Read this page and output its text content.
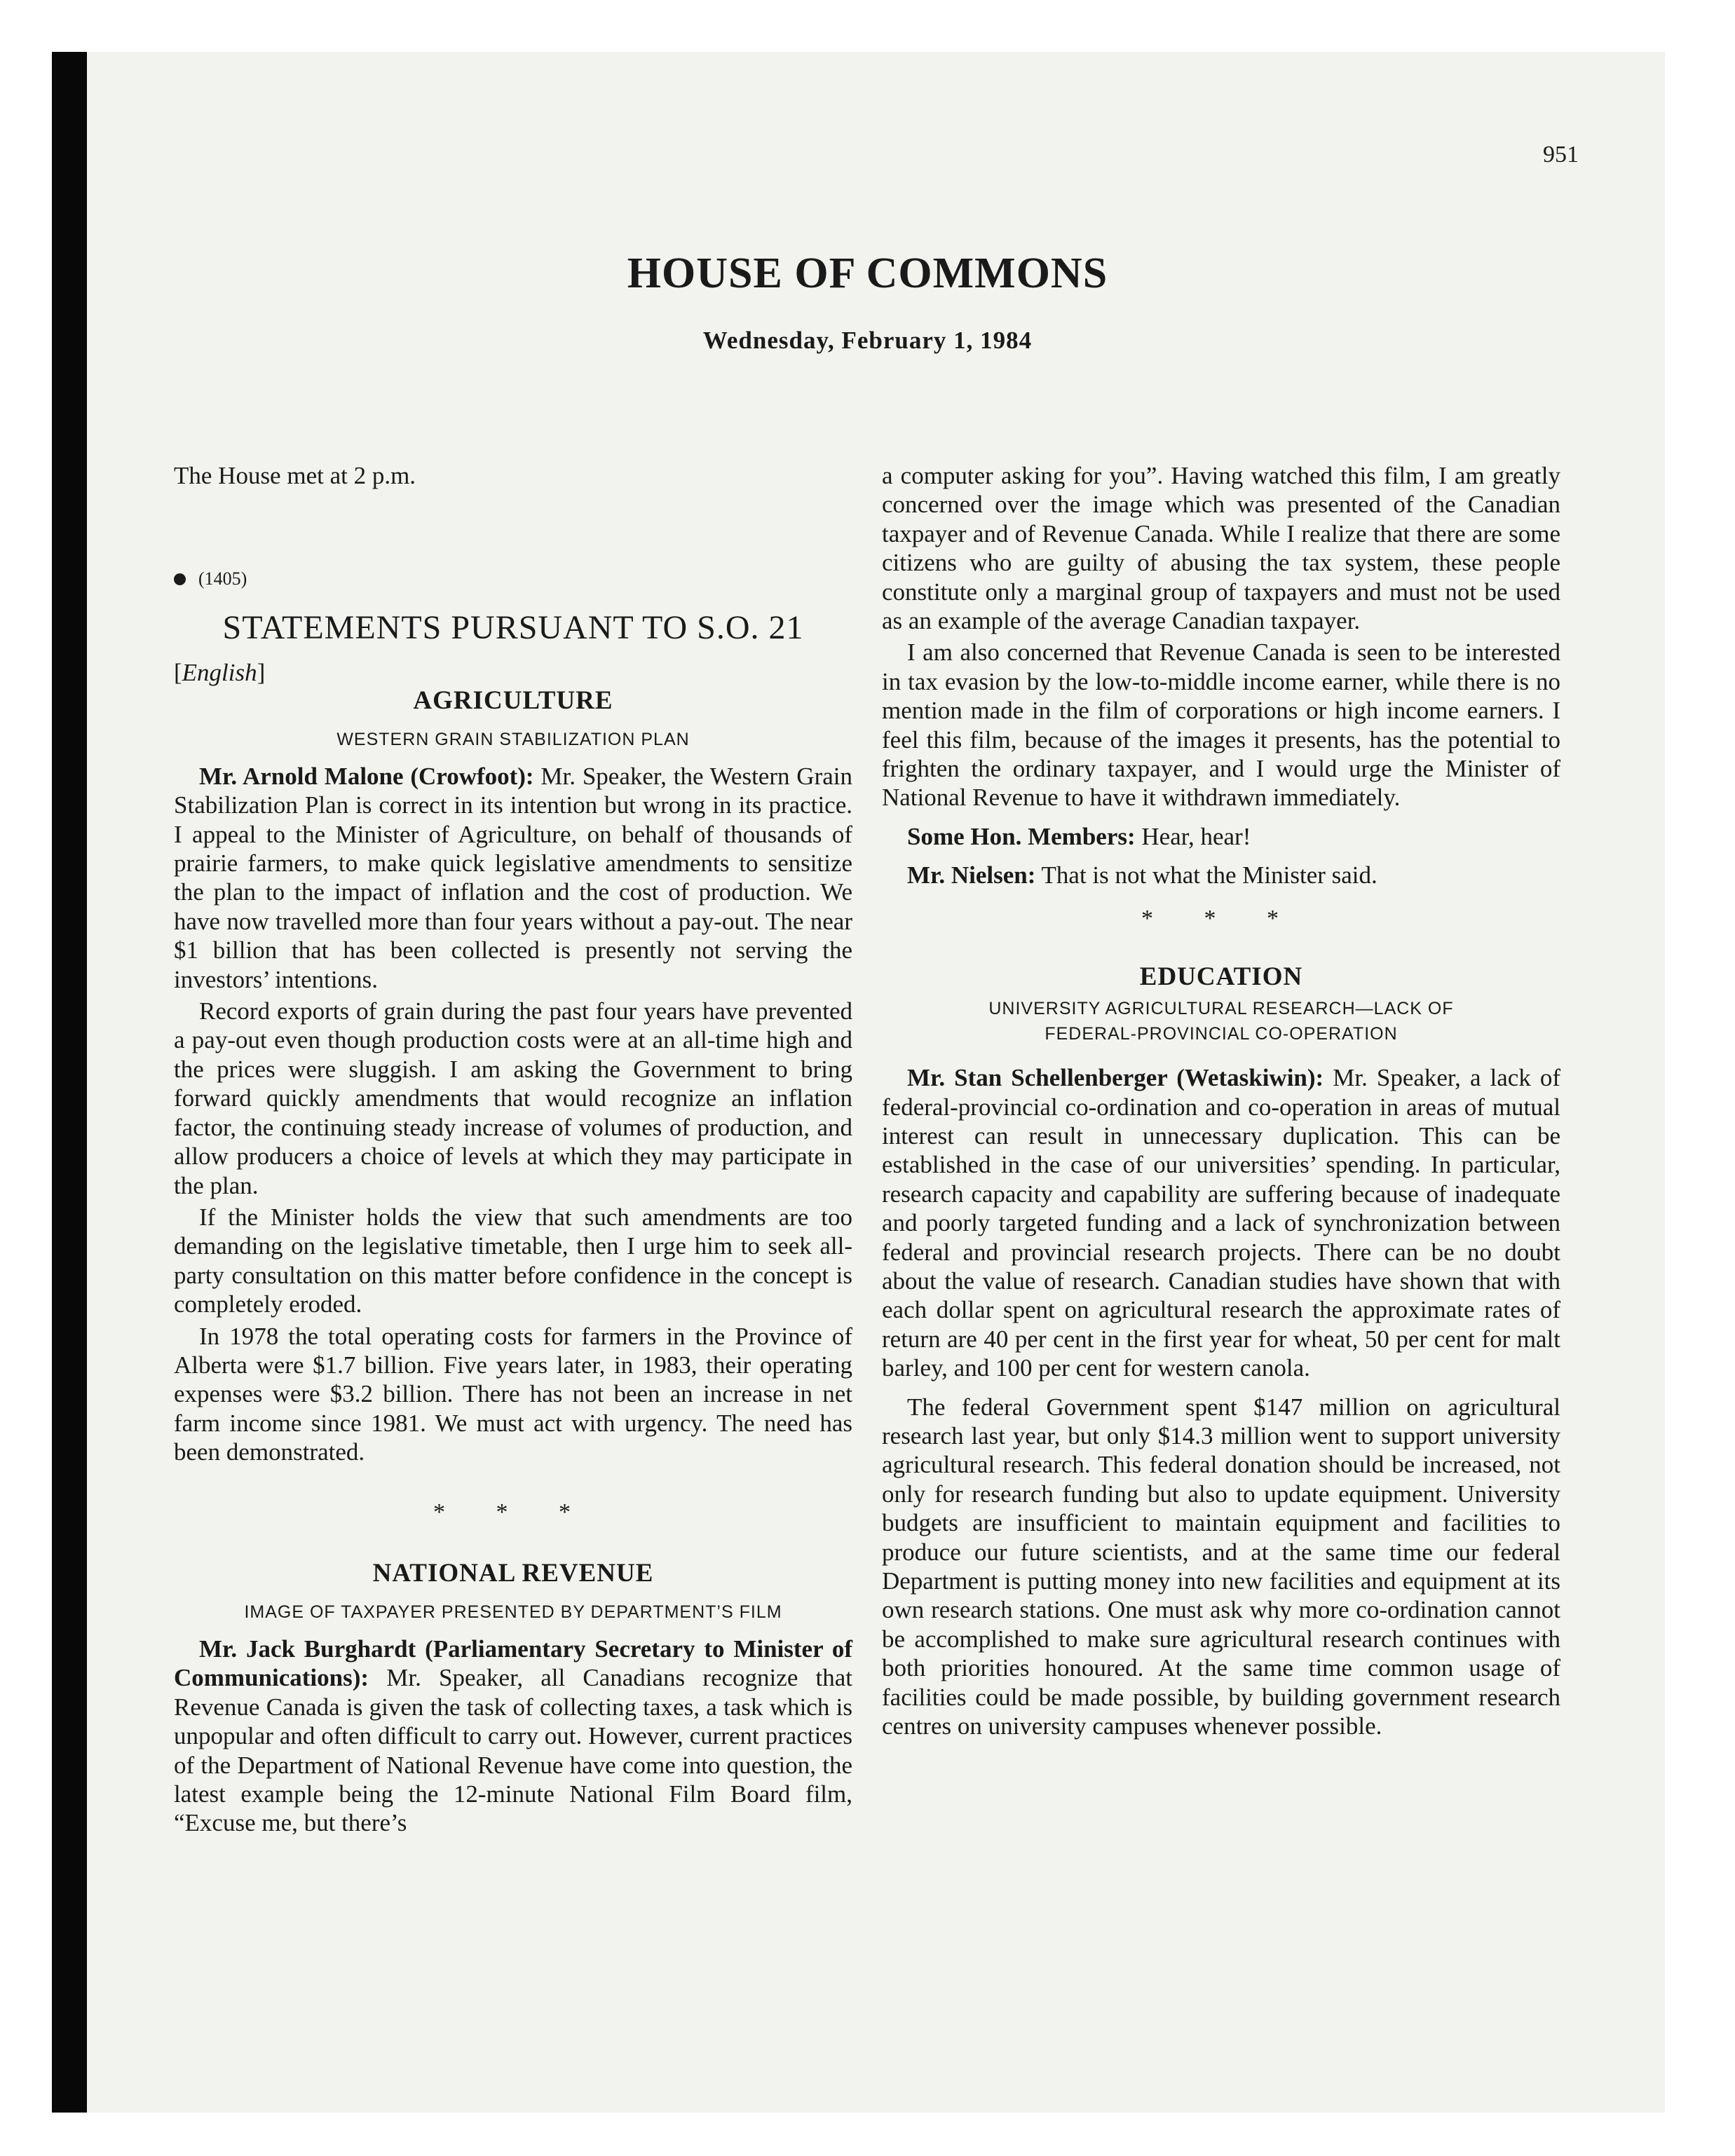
951
HOUSE OF COMMONS
Wednesday, February 1, 1984

The House met at 2 p.m.

(1405)
STATEMENTS PURSUANT TO S.O. 21
[English]
AGRICULTURE
WESTERN GRAIN STABILIZATION PLAN

Mr. Arnold Malone (Crowfoot): Mr. Speaker, the Western Grain Stabilization Plan is correct in its intention but wrong in its practice. I appeal to the Minister of Agriculture, on behalf of thousands of prairie farmers, to make quick legislative amendments to sensitize the plan to the impact of inflation and the cost of production. We have now travelled more than four years without a pay-out. The near $1 billion that has been collected is presently not serving the investors’ intentions.

Record exports of grain during the past four years have prevented a pay-out even though production costs were at an all-time high and the prices were sluggish. I am asking the Government to bring forward quickly amendments that would recognize an inflation factor, the continuing steady increase of volumes of production, and allow producers a choice of levels at which they may participate in the plan.

If the Minister holds the view that such amendments are too demanding on the legislative timetable, then I urge him to seek all-party consultation on this matter before confidence in the concept is completely eroded.

In 1978 the total operating costs for farmers in the Province of Alberta were $1.7 billion. Five years later, in 1983, their operating expenses were $3.2 billion. There has not been an increase in net farm income since 1981. We must act with urgency. The need has been demonstrated.

* * *
NATIONAL REVENUE
IMAGE OF TAXPAYER PRESENTED BY DEPARTMENT’S FILM

Mr. Jack Burghardt (Parliamentary Secretary to Minister of Communications): Mr. Speaker, all Canadians recognize that Revenue Canada is given the task of collecting taxes, a task which is unpopular and often difficult to carry out. However, current practices of the Department of National Revenue have come into question, the latest example being the 12-minute National Film Board film, “Excuse me, but there’s

a computer asking for you”. Having watched this film, I am greatly concerned over the image which was presented of the Canadian taxpayer and of Revenue Canada. While I realize that there are some citizens who are guilty of abusing the tax system, these people constitute only a marginal group of taxpayers and must not be used as an example of the average Canadian taxpayer.

I am also concerned that Revenue Canada is seen to be interested in tax evasion by the low-to-middle income earner, while there is no mention made in the film of corporations or high income earners. I feel this film, because of the images it presents, has the potential to frighten the ordinary taxpayer, and I would urge the Minister of National Revenue to have it withdrawn immediately.

Some Hon. Members: Hear, hear!

Mr. Nielsen: That is not what the Minister said.

* * *
EDUCATION
UNIVERSITY AGRICULTURAL RESEARCH—LACK OF
FEDERAL-PROVINCIAL CO-OPERATION

Mr. Stan Schellenberger (Wetaskiwin): Mr. Speaker, a lack of federal-provincial co-ordination and co-operation in areas of mutual interest can result in unnecessary duplication. This can be established in the case of our universities’ spending. In particular, research capacity and capability are suffering because of inadequate and poorly targeted funding and a lack of synchronization between federal and provincial research projects. There can be no doubt about the value of research. Canadian studies have shown that with each dollar spent on agricultural research the approximate rates of return are 40 per cent in the first year for wheat, 50 per cent for malt barley, and 100 per cent for western canola.

The federal Government spent $147 million on agricultural research last year, but only $14.3 million went to support university agricultural research. This federal donation should be increased, not only for research funding but also to update equipment. University budgets are insufficient to maintain equipment and facilities to produce our future scientists, and at the same time our federal Department is putting money into new facilities and equipment at its own research stations. One must ask why more co-ordination cannot be accomplished to make sure agricultural research continues with both priorities honoured. At the same time common usage of facilities could be made possible, by building government research centres on university campuses whenever possible.
